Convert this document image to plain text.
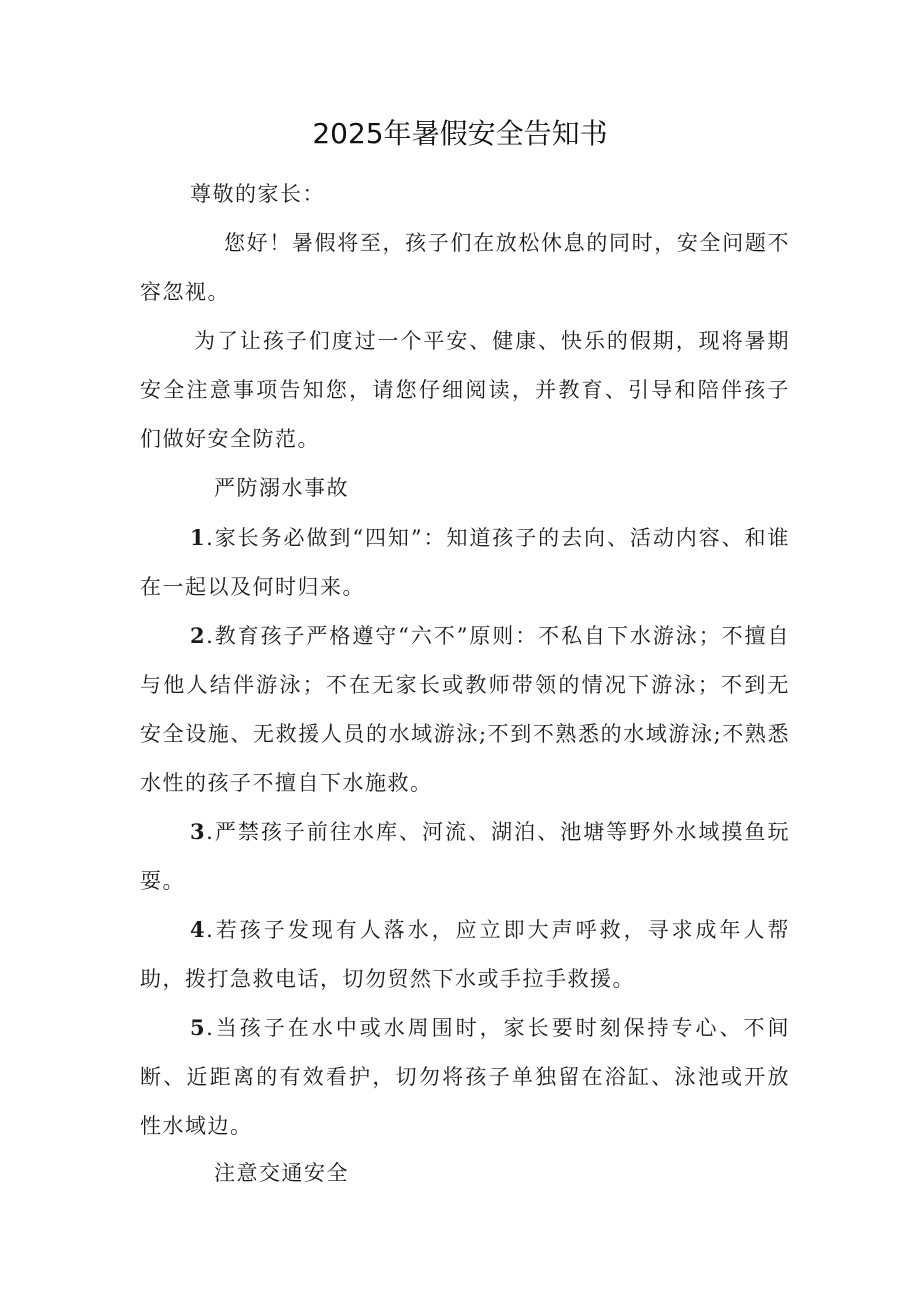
2025年暑假安全告知书

尊敬的家长：

您好！暑假将至，孩子们在放松休息的同时，安全问题不容忽视。

为了让孩子们度过一个平安、健康、快乐的假期，现将暑期安全注意事项告知您，请您仔细阅读，并教育、引导和陪伴孩子们做好安全防范。

严防溺水事故

1.家长务必做到“四知”：知道孩子的去向、活动内容、和谁在一起以及何时归来。

2.教育孩子严格遵守“六不”原则：不私自下水游泳；不擅自与他人结伴游泳；不在无家长或教师带领的情况下游泳；不到无安全设施、无救援人员的水域游泳;不到不熟悉的水域游泳;不熟悉水性的孩子不擅自下水施救。

3.严禁孩子前往水库、河流、湖泊、池塘等野外水域摸鱼玩耍。

4.若孩子发现有人落水，应立即大声呼救，寻求成年人帮助，拨打急救电话，切勿贸然下水或手拉手救援。

5.当孩子在水中或水周围时，家长要时刻保持专心、不间断、近距离的有效看护，切勿将孩子单独留在浴缸、泳池或开放性水域边。

注意交通安全
